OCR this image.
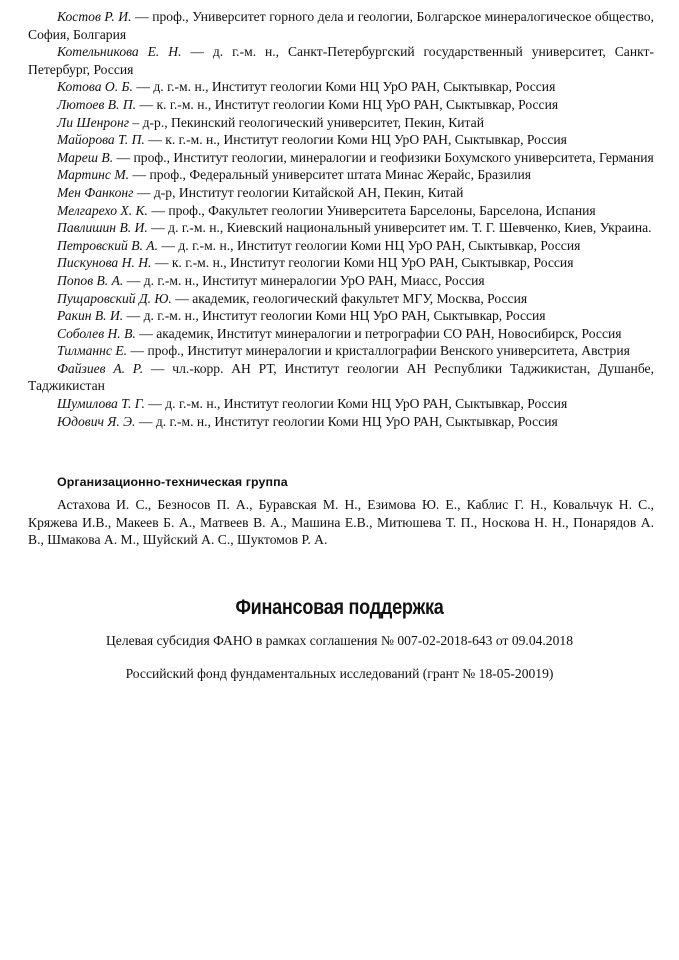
Костов Р. И. — проф., Университет горного дела и геологии, Болгарское минералогическое общество, София, Болгария

Котельникова Е. Н. — д. г.-м. н., Санкт-Петербургский государственный университет, Санкт-Петербург, Россия

Котова О. Б. — д. г.-м. н., Институт геологии Коми НЦ УрО РАН, Сыктывкар, Россия

Лютоев В. П. — к. г.-м. н., Институт геологии Коми НЦ УрО РАН, Сыктывкар, Россия

Ли Шенронг – д-р., Пекинский геологический университет, Пекин, Китай

Майорова Т. П. — к. г.-м. н., Институт геологии Коми НЦ УрО РАН, Сыктывкар, Россия

Мареш В. — проф., Институт геологии, минералогии и геофизики Бохумского университета, Германия

Мартинс М. — проф., Федеральный университет штата Минас Жерайс, Бразилия

Мен Фанконг — д-р, Институт геологии Китайской АН, Пекин, Китай

Мелгарехо Х. К. — проф., Факультет геологии Университета Барселоны, Барселона, Испания

Павлишин В. И. — д. г.-м. н., Киевский национальный университет им. Т. Г. Шевченко, Киев, Украина.

Петровский В. А. — д. г.-м. н., Институт геологии Коми НЦ УрО РАН, Сыктывкар, Россия

Пискунова Н. Н. — к. г.-м. н., Институт геологии Коми НЦ УрО РАН, Сыктывкар, Россия

Попов В. А. — д. г.-м. н., Институт минералогии УрО РАН, Миасс, Россия

Пущаровский Д. Ю. — академик, геологический факультет МГУ, Москва, Россия

Ракин В. И. — д. г.-м. н., Институт геологии Коми НЦ УрО РАН, Сыктывкар, Россия

Соболев Н. В. — академик, Институт минералогии и петрографии СО РАН, Новосибирск, Россия

Тилманнс Е. — проф., Институт минералогии и кристаллографии Венского университета, Австрия

Файзиев А. Р. — чл.-корр. АН РТ, Институт геологии АН Республики Таджикистан, Душанбе, Таджикистан

Шумилова Т. Г. — д. г.-м. н., Институт геологии Коми НЦ УрО РАН, Сыктывкар, Россия

Юдович Я. Э. — д. г.-м. н., Институт геологии Коми НЦ УрО РАН, Сыктывкар, Россия

Организационно-техническая группа

Астахова И. С., Безносов П. А., Буравская М. Н., Езимова Ю. Е., Каблис Г. Н., Ковальчук Н. С., Кряжева И.В., Макеев Б. А., Матвеев В. А., Машина Е.В., Митюшева Т. П., Носкова Н. Н., Понарядов А. В., Шмакова А. М., Шуйский А. С., Шуктомов Р. А.

Финансовая поддержка

Целевая субсидия ФАНО в рамках соглашения № 007-02-2018-643 от 09.04.2018

Российский фонд фундаментальных исследований (грант № 18-05-20019)
